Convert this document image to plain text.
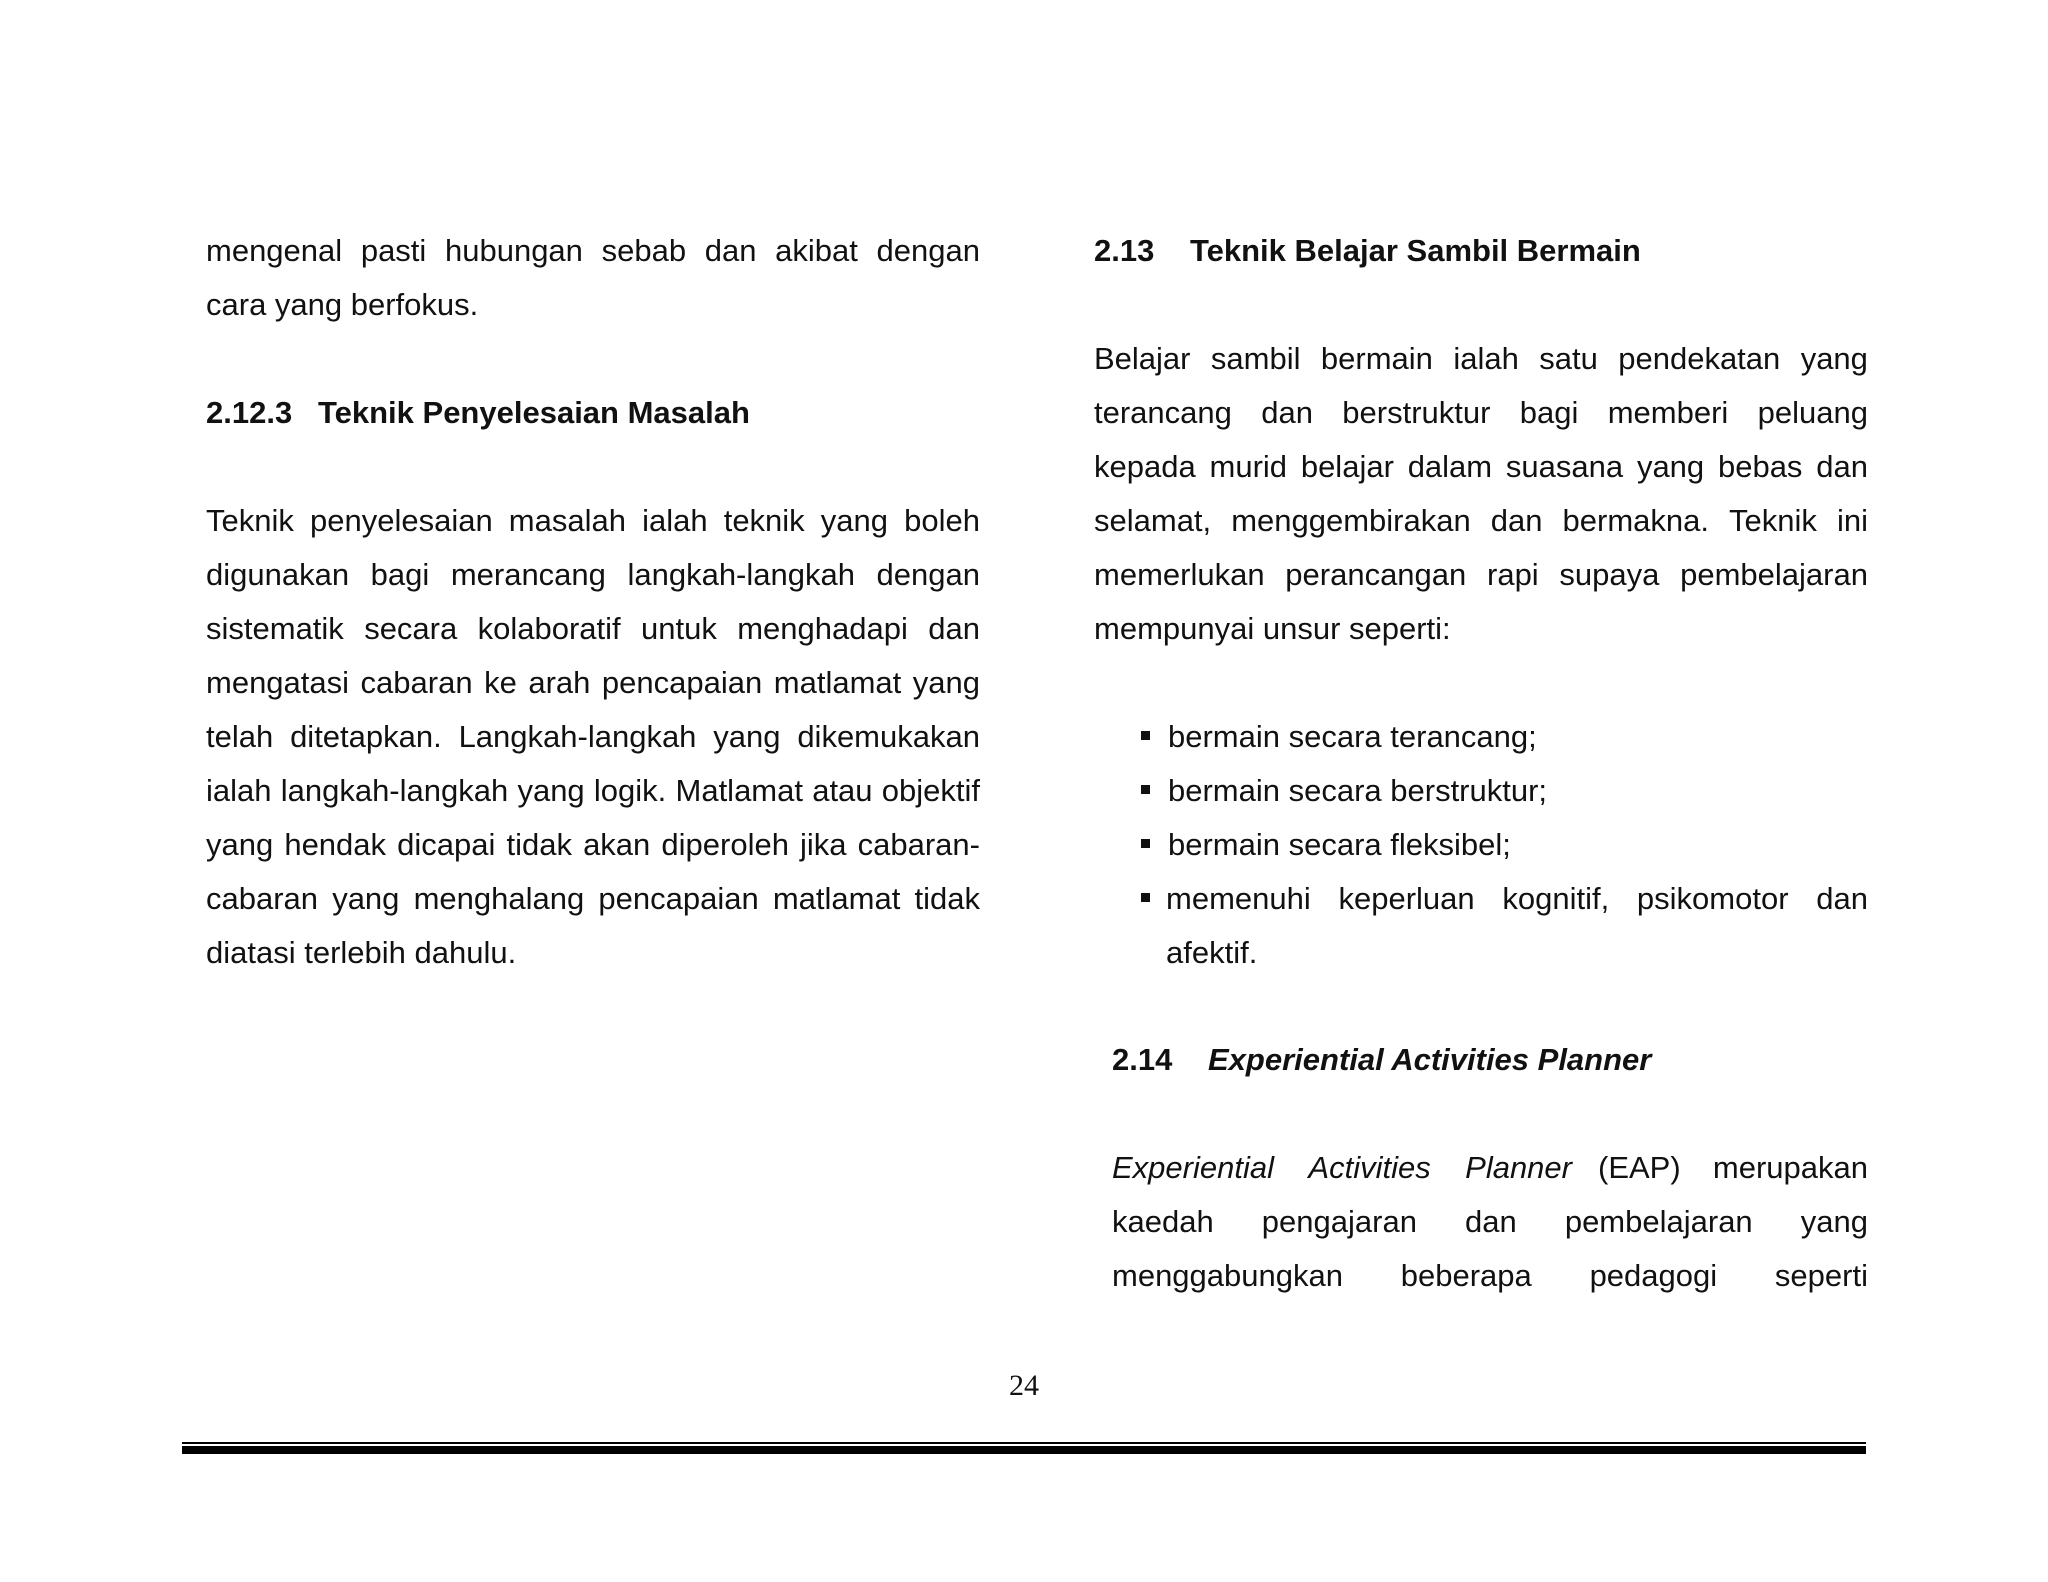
mengenal pasti hubungan sebab dan akibat dengan
cara yang berfokus.
2.12.3 Teknik Penyelesaian Masalah
Teknik penyelesaian masalah ialah teknik yang boleh
digunakan bagi merancang langkah-langkah dengan
sistematik secara kolaboratif untuk menghadapi dan
mengatasi cabaran ke arah pencapaian matlamat yang
telah ditetapkan. Langkah-langkah yang dikemukakan
ialah langkah-langkah yang logik. Matlamat atau objektif
yang hendak dicapai tidak akan diperoleh jika cabaran-
cabaran yang menghalang pencapaian matlamat tidak
diatasi terlebih dahulu.
2.13 Teknik Belajar Sambil Bermain
Belajar sambil bermain ialah satu pendekatan yang
terancang dan berstruktur bagi memberi peluang
kepada murid belajar dalam suasana yang bebas dan
selamat, menggembirakan dan bermakna. Teknik ini
memerlukan perancangan rapi supaya pembelajaran
mempunyai unsur seperti:
bermain secara terancang;
bermain secara berstruktur;
bermain secara fleksibel;
memenuhi keperluan kognitif, psikomotor dan
afektif.
2.14 Experiential Activities Planner
Experiential Activities Planner (EAP) merupakan
kaedah pengajaran dan pembelajaran yang
menggabungkan beberapa pedagogi seperti
24
